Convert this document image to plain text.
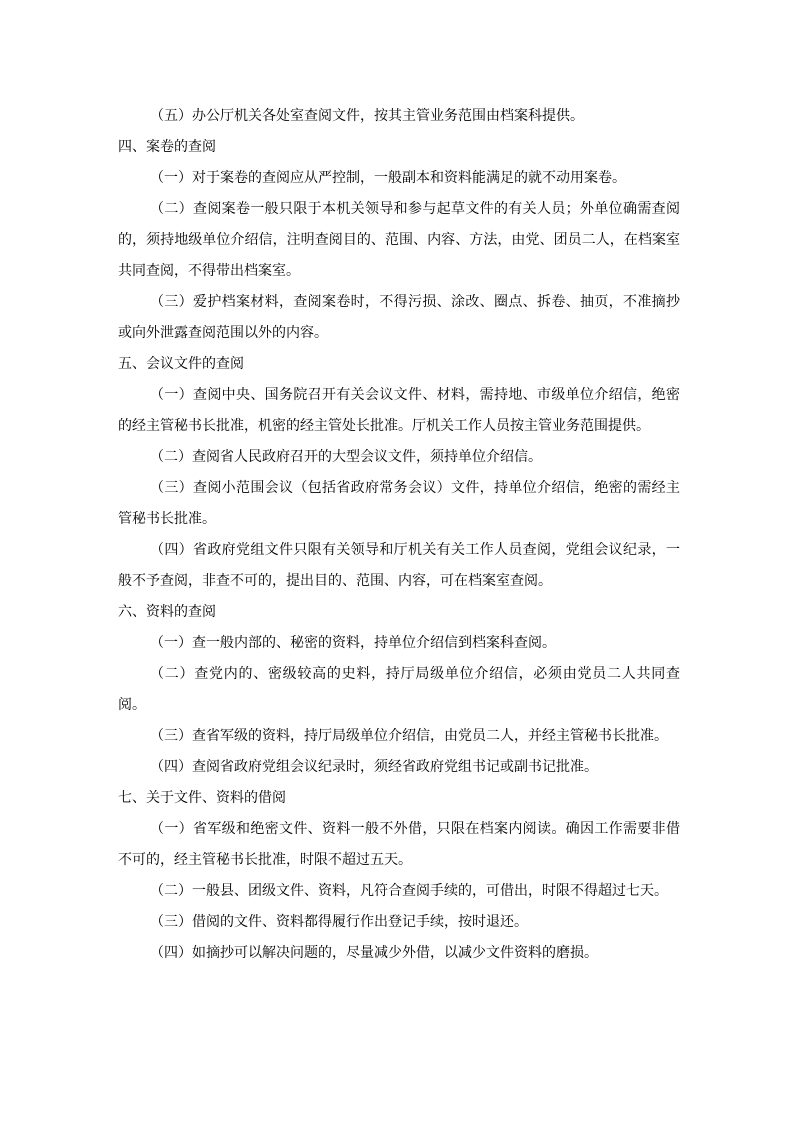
（五）办公厅机关各处室查阅文件，按其主管业务范围由档案科提供。

四、案卷的查阅

（一）对于案卷的查阅应从严控制，一般副本和资料能满足的就不动用案卷。

（二）查阅案卷一般只限于本机关领导和参与起草文件的有关人员；外单位确需查阅的，须持地级单位介绍信，注明查阅目的、范围、内容、方法，由党、团员二人，在档案室共同查阅，不得带出档案室。

（三）爱护档案材料，查阅案卷时，不得污损、涂改、圈点、拆卷、抽页，不准摘抄或向外泄露查阅范围以外的内容。

五、会议文件的查阅

（一）查阅中央、国务院召开有关会议文件、材料，需持地、市级单位介绍信，绝密的经主管秘书长批准，机密的经主管处长批准。厅机关工作人员按主管业务范围提供。

（二）查阅省人民政府召开的大型会议文件，须持单位介绍信。

（三）查阅小范围会议（包括省政府常务会议）文件，持单位介绍信，绝密的需经主管秘书长批准。

（四）省政府党组文件只限有关领导和厅机关有关工作人员查阅，党组会议纪录，一般不予查阅，非查不可的，提出目的、范围、内容，可在档案室查阅。

六、资料的查阅

（一）查一般内部的、秘密的资料，持单位介绍信到档案科查阅。

（二）查党内的、密级较高的史料，持厅局级单位介绍信，必须由党员二人共同查阅。

（三）查省军级的资料，持厅局级单位介绍信，由党员二人，并经主管秘书长批准。

（四）查阅省政府党组会议纪录时，须经省政府党组书记或副书记批准。

七、关于文件、资料的借阅

（一）省军级和绝密文件、资料一般不外借，只限在档案内阅读。确因工作需要非借不可的，经主管秘书长批准，时限不超过五天。

（二）一般县、团级文件、资料，凡符合查阅手续的，可借出，时限不得超过七天。

（三）借阅的文件、资料都得履行作出登记手续，按时退还。

（四）如摘抄可以解决问题的，尽量减少外借，以减少文件资料的磨损。
